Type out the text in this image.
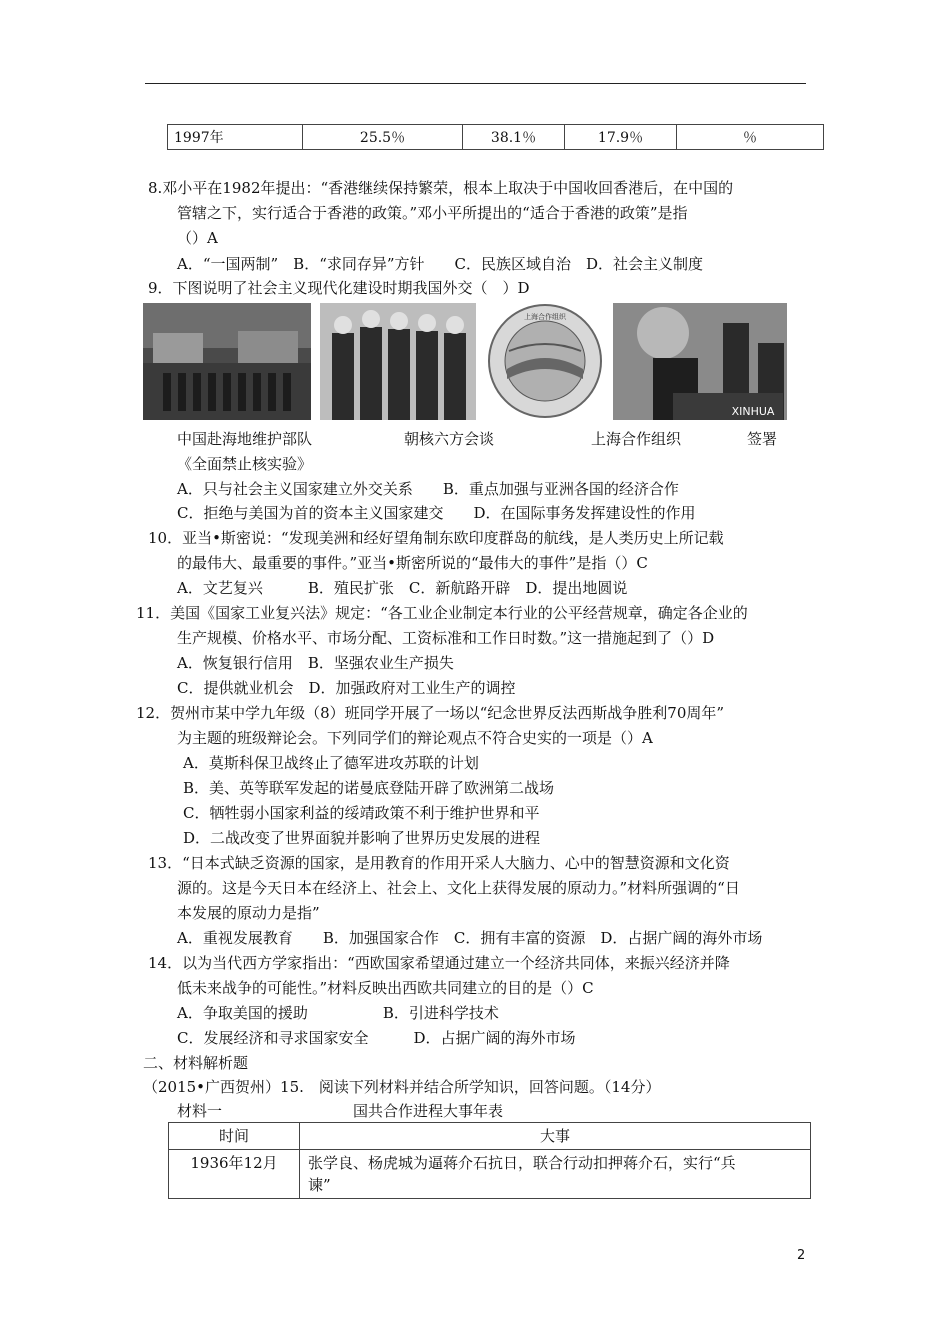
1997年	25.5％	38.1％	17.9％	％
8.邓小平在1982年提出：“香港继续保持繁荣，根本上取决于中国收回香港后，在中国的
管辖之下，实行适合于香港的政策。”邓小平所提出的“适合于香港的政策”是指
（）A
A．“一国两制”　B．“求同存异”方针　　C．民族区域自治　D．社会主义制度
9．下图说明了社会主义现代化建设时期我国外交（　）D
上海合作组织
XINHUA
中国赴海地维护部队	朝核六方会谈	上海合作组织	签署
《全面禁止核实验》
A．只与社会主义国家建立外交关系　　B．重点加强与亚洲各国的经济合作
C．拒绝与美国为首的资本主义国家建交　　D．在国际事务发挥建设性的作用
10．亚当•斯密说：“发现美洲和经好望角制东欧印度群岛的航线，是人类历史上所记载
的最伟大、最重要的事件。”亚当•斯密所说的“最伟大的事件”是指（）C
A．文艺复兴　　　B．殖民扩张　C．新航路开辟　D．提出地圆说
11．美国《国家工业复兴法》规定：“各工业企业制定本行业的公平经营规章，确定各企业的
生产规模、价格水平、市场分配、工资标准和工作日时数。”这一措施起到了（）D
A．恢复银行信用　B．坚强农业生产损失
C．提供就业机会　D．加强政府对工业生产的调控
12．贺州市某中学九年级（8）班同学开展了一场以“纪念世界反法西斯战争胜利70周年”
为主题的班级辩论会。下列同学们的辩论观点不符合史实的一项是（）A
A．莫斯科保卫战终止了德军进攻苏联的计划
B．美、英等联军发起的诺曼底登陆开辟了欧洲第二战场
C．牺牲弱小国家利益的绥靖政策不利于维护世界和平
D．二战改变了世界面貌并影响了世界历史发展的进程
13．“日本式缺乏资源的国家，是用教育的作用开采人大脑力、心中的智慧资源和文化资
源的。这是今天日本在经济上、社会上、文化上获得发展的原动力。”材料所强调的“日
本发展的原动力是指”
A．重视发展教育　　B．加强国家合作　C．拥有丰富的资源　D．占据广阔的海外市场
14．以为当代西方学家指出：“西欧国家希望通过建立一个经济共同体，来振兴经济并降
低未来战争的可能性。”材料反映出西欧共同建立的目的是（）C
A．争取美国的援助　　　　　B．引进科学技术
C．发展经济和寻求国家安全　　　D．占据广阔的海外市场
二、材料解析题
（2015•广西贺州）15.　阅读下列材料并结合所学知识，回答问题。（14分）
材料一	国共合作进程大事年表
时间	大事
1936年12月	张学良、杨虎城为逼蒋介石抗日，联合行动扣押蒋介石，实行“兵
谏”
2
